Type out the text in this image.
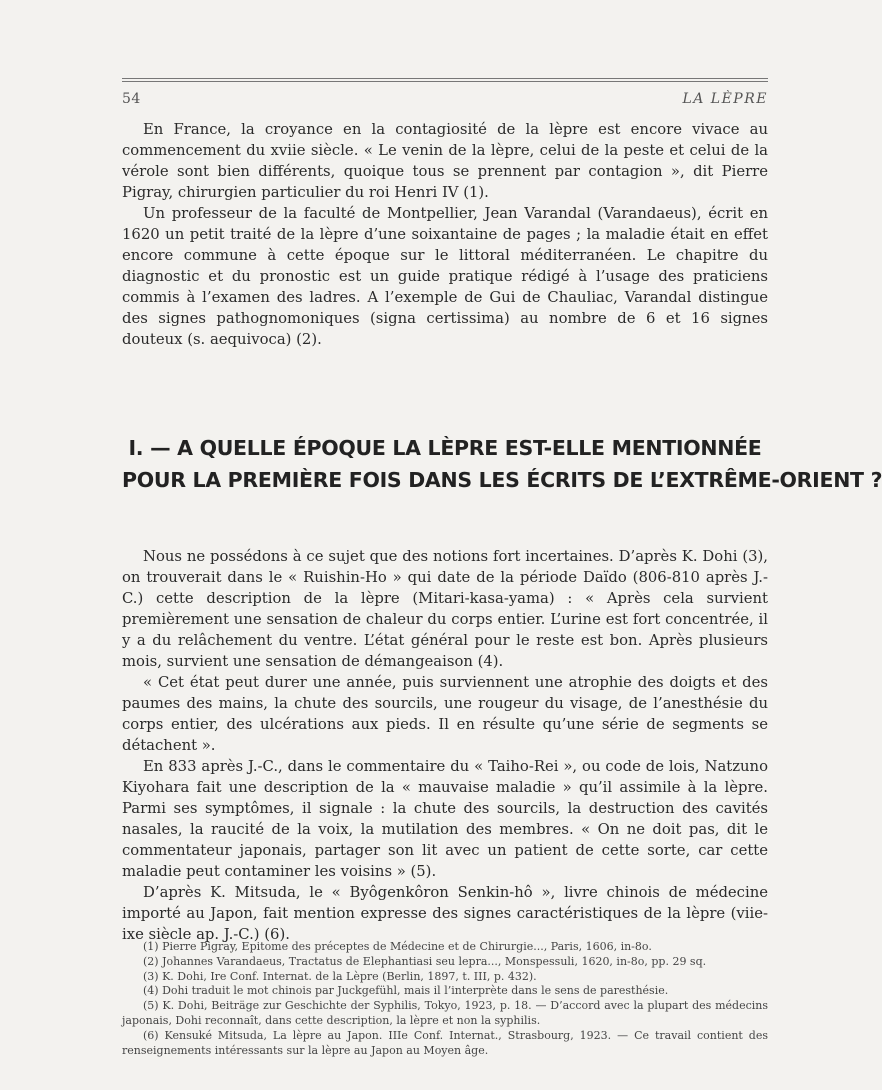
54	LA LÈPRE

En France, la croyance en la contagiosité de la lèpre est encore vivace au commencement du xviie siècle. « Le venin de la lèpre, celui de la peste et celui de la vérole sont bien différents, quoique tous se prennent par contagion », dit Pierre Pigray, chirurgien particulier du roi Henri IV (1).

Un professeur de la faculté de Montpellier, Jean Varandal (Varandaeus), écrit en 1620 un petit traité de la lèpre d’une soixantaine de pages ; la maladie était en effet encore commune à cette époque sur le littoral méditerranéen. Le chapitre du diagnostic et du pronostic est un guide pratique rédigé à l’usage des praticiens commis à l’examen des ladres. A l’exemple de Gui de Chauliac, Varandal distingue des signes pathognomoniques (signa certissima) au nombre de 6 et 16 signes douteux (s. aequivoca) (2).

I. — A QUELLE ÉPOQUE LA LÈPRE EST-ELLE MENTIONNÉE
POUR LA PREMIÈRE FOIS DANS LES ÉCRITS DE L’EXTRÊME-ORIENT ?

Nous ne possédons à ce sujet que des notions fort incertaines. D’après K. Dohi (3), on trouverait dans le « Ruishin-Ho » qui date de la période Daïdo (806-810 après J.-C.) cette description de la lèpre (Mitari-kasa-yama) : « Après cela survient premièrement une sensation de chaleur du corps entier. L’urine est fort concentrée, il y a du relâchement du ventre. L’état général pour le reste est bon. Après plusieurs mois, survient une sensation de démangeaison (4).

« Cet état peut durer une année, puis surviennent une atrophie des doigts et des paumes des mains, la chute des sourcils, une rougeur du visage, de l’anesthésie du corps entier, des ulcérations aux pieds. Il en résulte qu’une série de segments se détachent ».

En 833 après J.-C., dans le commentaire du « Taiho-Rei », ou code de lois, Natzuno Kiyohara fait une description de la « mauvaise maladie » qu’il assimile à la lèpre. Parmi ses symptômes, il signale : la chute des sourcils, la destruction des cavités nasales, la raucité de la voix, la mutilation des membres. « On ne doit pas, dit le commentateur japonais, partager son lit avec un patient de cette sorte, car cette maladie peut contaminer les voisins » (5).

D’après K. Mitsuda, le « Byôgenkôron Senkin-hô », livre chinois de médecine importé au Japon, fait mention expresse des signes caractéristiques de la lèpre (viie-ixe siècle ap. J.-C.) (6).

(1) Pierre Pigray, Epitome des préceptes de Médecine et de Chirurgie..., Paris, 1606, in-8o.

(2) Johannes Varandaeus, Tractatus de Elephantiasi seu lepra..., Monspessuli, 1620, in-8o, pp. 29 sq.

(3) K. Dohi, Ire Conf. Internat. de la Lèpre (Berlin, 1897, t. III, p. 432).

(4) Dohi traduit le mot chinois par Juckgefühl, mais il l’interprète dans le sens de paresthésie.

(5) K. Dohi, Beiträge zur Geschichte der Syphilis, Tokyo, 1923, p. 18. — D’accord avec la plupart des médecins japonais, Dohi reconnaît, dans cette description, la lèpre et non la syphilis.

(6) Kensuké Mitsuda, La lèpre au Japon. IIIe Conf. Internat., Strasbourg, 1923. — Ce travail contient des renseignements intéressants sur la lèpre au Japon au Moyen âge.
